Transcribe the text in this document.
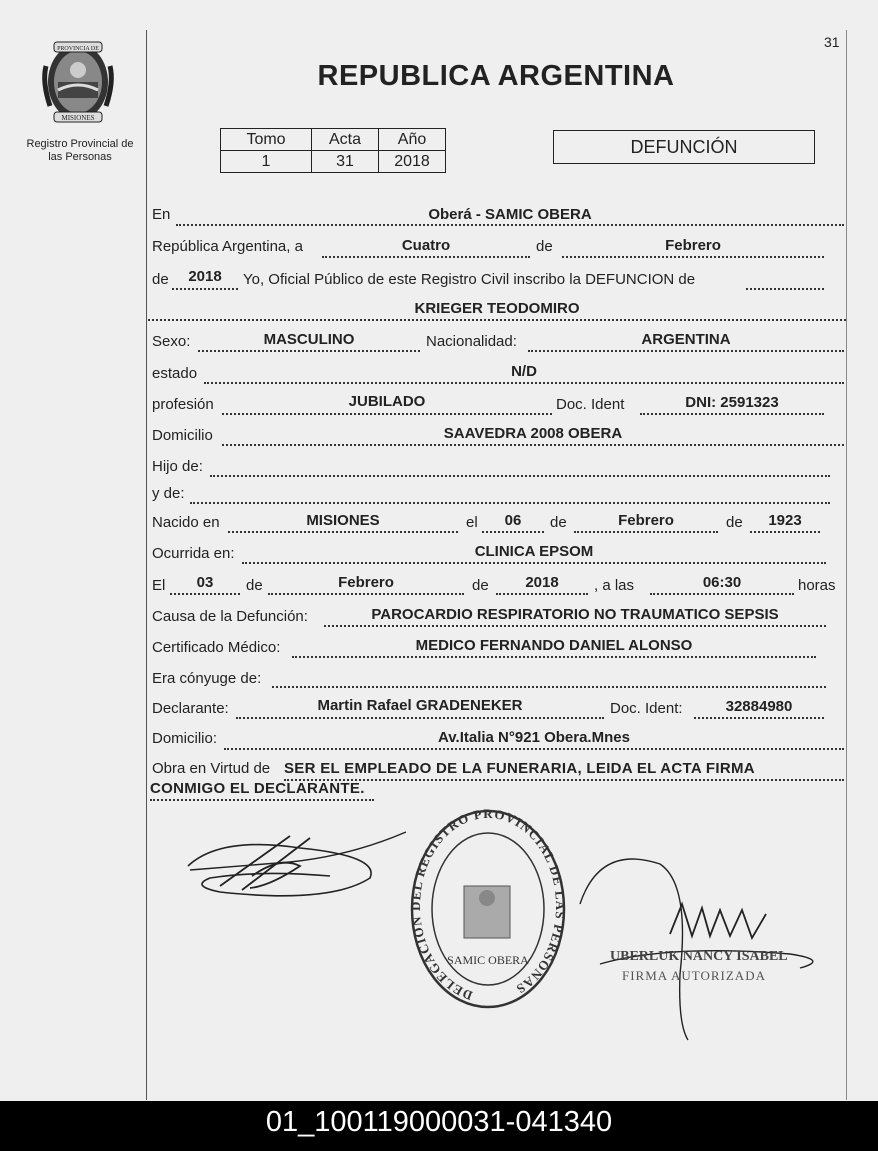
31
PROVINCIA DE
MISIONES
Registro Provincial de
las Personas
REPUBLICA ARGENTINA
Tomo	Acta	Año
1	31	2018
DEFUNCIÓN
En	Oberá - SAMIC OBERA
República Argentina, a	Cuatro	de	Febrero
de	2018	Yo, Oficial Público de este Registro Civil inscribo la DEFUNCION de
KRIEGER TEODOMIRO
Sexo:	MASCULINO	Nacionalidad:	ARGENTINA
estado	N/D
profesión	JUBILADO	Doc. Ident	DNI: 2591323
Domicilio	SAAVEDRA 2008 OBERA
Hijo de:
y de:
Nacido en	MISIONES	el	06	de	Febrero	de	1923
Ocurrida en:	CLINICA EPSOM
El	03	de	Febrero	de	2018	, a las	06:30	horas
Causa de la Defunción:	PAROCARDIO RESPIRATORIO NO TRAUMATICO SEPSIS
Certificado Médico:	MEDICO FERNANDO DANIEL ALONSO
Era cónyuge de:
Declarante:	Martin Rafael GRADENEKER	Doc. Ident:	32884980
Domicilio:	Av.Italia N°921 Obera.Mnes
Obra en Virtud de SER EL EMPLEADO DE LA FUNERARIA, LEIDA EL ACTA FIRMA
CONMIGO EL DECLARANTE.
DELEGACION DEL REGISTRO PROVINCIAL DE LAS PERSONAS
SAMIC OBERA	UBERLUK NANCY ISABEL
FIRMA AUTORIZADA
01_100119000031-041340
